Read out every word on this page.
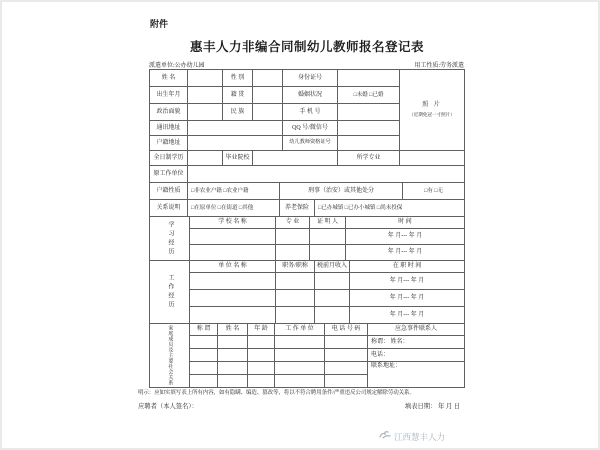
附件
惠丰人力非编合同制幼儿教师报名登记表
派遣单位:公办幼儿园	用工性质:劳务派遣
姓 名		性 别		身份证号		照 片
（近期免冠一寸照片）

出生年月		籍 贯		婚姻状况	□未婚 □已婚	
政治面貌		民 族		手 机 号		
通讯地址				QQ 号/微信号		
户籍地址				幼儿教师资格证号		
全日制学历		毕业院校			所学专业	
原工作单位						
户籍性质	□非农业户籍 □农业户籍	刑事（治安）或其他处分		□有 □无
关系说明	□在原单位 □在街道 □其他	养老保险	□已办城镇 □已办小城镇 □尚未投保	
学习经历	学 校 名 称	专 业	证 明 人	时 间
				年 月--- 年 月
				年 月--- 年 月
工作经历	单 位 名 称	职务/职称	税前月收入	在 职 时 间
				年 月--- 年 月
				年 月--- 年 月
				年 月--- 年 月
家庭成员及主要社会关系	称 谓	姓 名	年 龄	工 作 单 位	电 话 号 码	应急事件联系人
						称谓： 姓名：
						电话：
						联系地址：

明示：应如实填写表上所有内容，如有隐瞒、编造、篡改等，将以不符合聘用条件/严重违反公司规定解除劳动关系。
应聘者（本人签名）：	填表日期： 年 月 日
江西慧丰人力
